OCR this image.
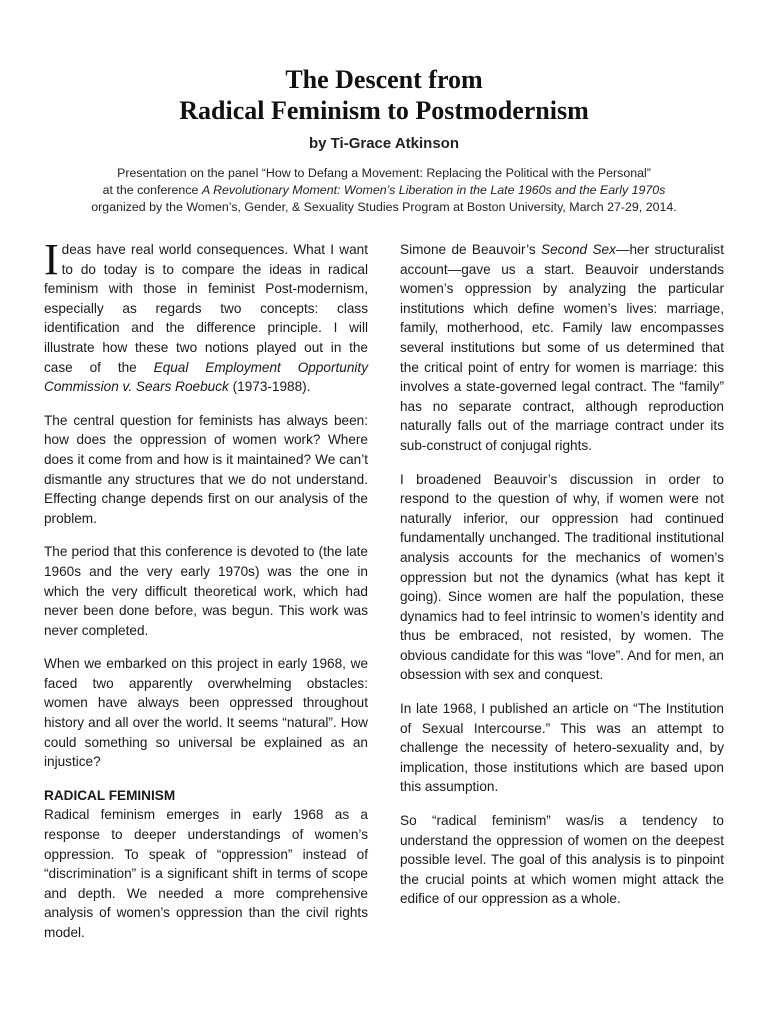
The Descent from
Radical Feminism to Postmodernism
by Ti-Grace Atkinson
Presentation on the panel “How to Defang a Movement: Replacing the Political with the Personal”
at the conference A Revolutionary Moment: Women’s Liberation in the Late 1960s and the Early 1970s
organized by the Women’s, Gender, & Sexuality Studies Program at Boston University, March 27-29, 2014.

Ideas have real world consequences. What I want to do today is to compare the ideas in radical feminism with those in feminist Post-modernism, especially as regards two concepts: class identification and the difference principle. I will illustrate how these two notions played out in the case of the Equal Employment Opportunity Commission v. Sears Roebuck (1973-1988).

The central question for feminists has always been: how does the oppression of women work? Where does it come from and how is it maintained? We can’t dismantle any structures that we do not understand. Effecting change depends first on our analysis of the problem.

The period that this conference is devoted to (the late 1960s and the very early 1970s) was the one in which the very difficult theoretical work, which had never been done before, was begun. This work was never completed.

When we embarked on this project in early 1968, we faced two apparently overwhelming obstacles: women have always been oppressed throughout history and all over the world. It seems “natural”. How could something so universal be explained as an injustice?

RADICAL FEMINISM

Radical feminism emerges in early 1968 as a response to deeper understandings of women’s oppression. To speak of “oppression” instead of “discrimination” is a significant shift in terms of scope and depth. We needed a more comprehensive analysis of women’s oppression than the civil rights model.

Simone de Beauvoir’s Second Sex—her structuralist account—gave us a start. Beauvoir understands women’s oppression by analyzing the particular institutions which define women’s lives: marriage, family, motherhood, etc. Family law encompasses several institutions but some of us determined that the critical point of entry for women is marriage: this involves a state-governed legal contract. The “family” has no separate contract, although reproduction naturally falls out of the marriage contract under its sub-construct of conjugal rights.

I broadened Beauvoir’s discussion in order to respond to the question of why, if women were not naturally inferior, our oppression had continued fundamentally unchanged. The traditional institutional analysis accounts for the mechanics of women’s oppression but not the dynamics (what has kept it going). Since women are half the population, these dynamics had to feel intrinsic to women’s identity and thus be embraced, not resisted, by women. The obvious candidate for this was “love”. And for men, an obsession with sex and conquest.

In late 1968, I published an article on “The Institution of Sexual Intercourse.” This was an attempt to challenge the necessity of hetero-sexuality and, by implication, those institutions which are based upon this assumption.

So “radical feminism” was/is a tendency to understand the oppression of women on the deepest possible level. The goal of this analysis is to pinpoint the crucial points at which women might attack the edifice of our oppression as a whole.
